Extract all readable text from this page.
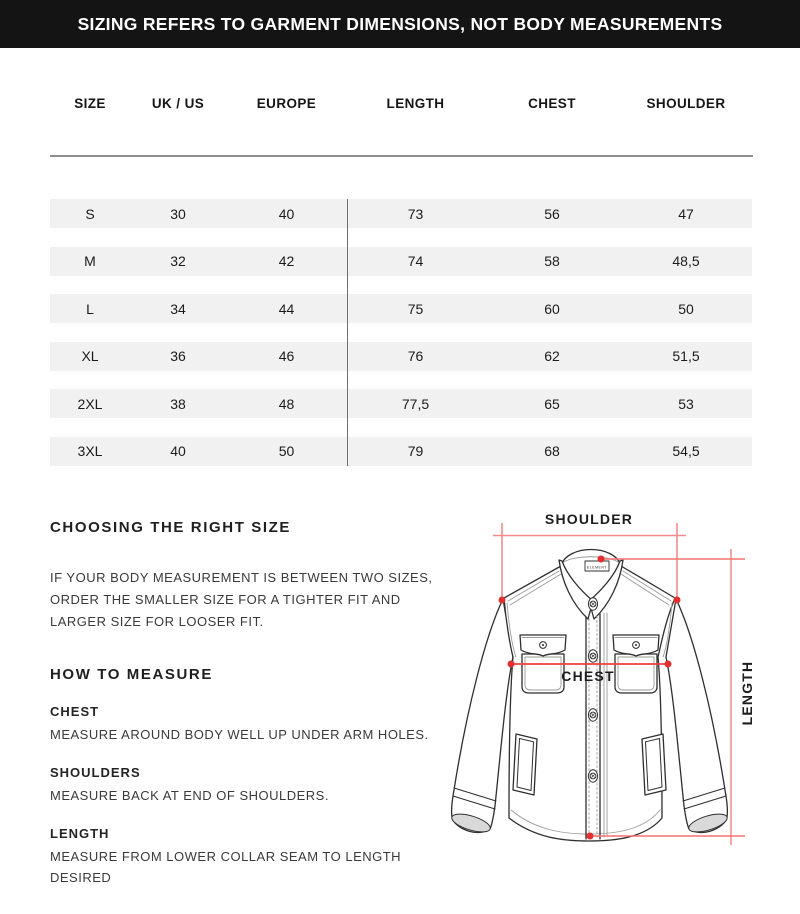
SIZING REFERS TO GARMENT DIMENSIONS, NOT BODY MEASUREMENTS
SIZE	UK / US	EUROPE	LENGTH	CHEST	SHOULDER
S	30	40	73	56	47
M	32	42	74	58	48,5
L	34	44	75	60	50
XL	36	46	76	62	51,5
2XL	38	48	77,5	65	53
3XL	40	50	79	68	54,5
CHOOSING THE RIGHT SIZE

IF YOUR BODY MEASUREMENT IS BETWEEN TWO SIZES, ORDER THE SMALLER SIZE FOR A TIGHTER FIT AND LARGER SIZE FOR LOOSER FIT.

HOW TO MEASURE
CHEST
MEASURE AROUND BODY WELL UP UNDER ARM HOLES.
SHOULDERS
MEASURE BACK AT END OF SHOULDERS.
LENGTH
MEASURE FROM LOWER COLLAR SEAM TO LENGTH DESIRED
ELEMENT
SHOULDER
CHEST	LENGTH
